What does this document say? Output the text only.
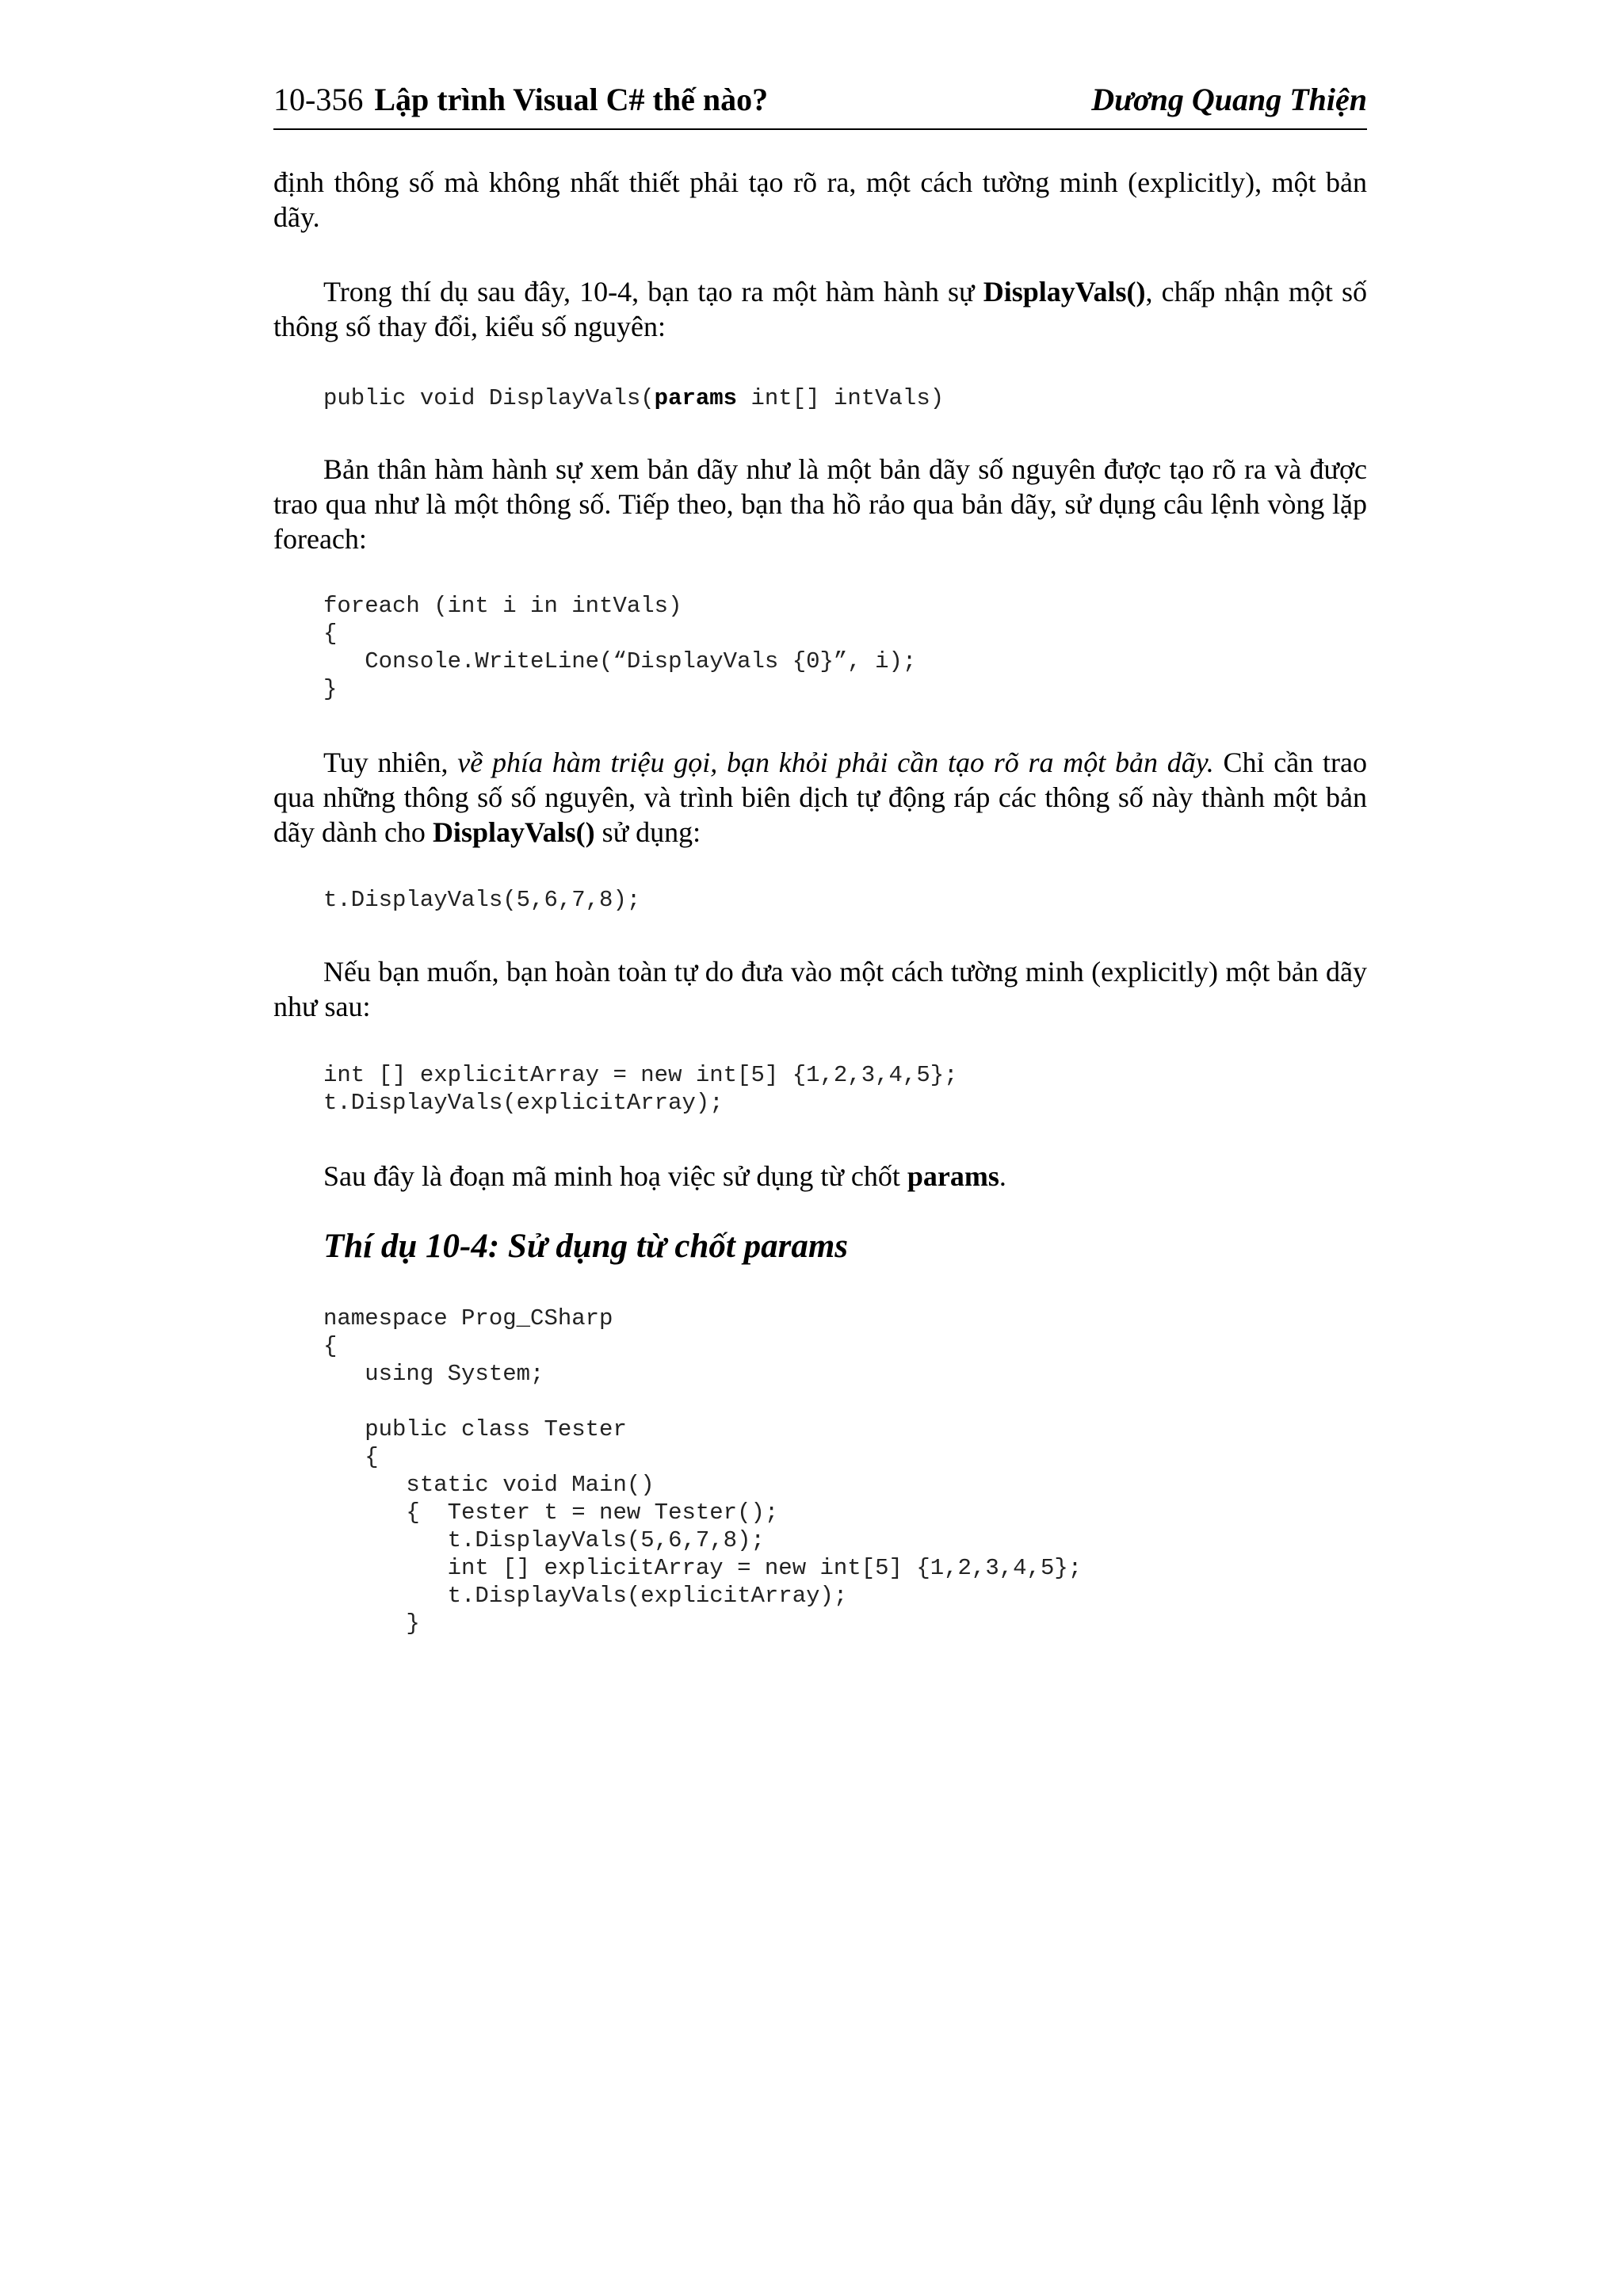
10-356 Lập trình Visual C# thế nào?	Dương Quang Thiện

định thông số mà không nhất thiết phải tạo rõ ra, một cách tường minh (explicitly), một bản dãy.

Trong thí dụ sau đây, 10-4, bạn tạo ra một hàm hành sự DisplayVals(), chấp nhận một số thông số thay đổi, kiểu số nguyên:

public void DisplayVals(params int[] intVals)

Bản thân hàm hành sự xem bản dãy như là một bản dãy số nguyên được tạo rõ ra và được trao qua như là một thông số. Tiếp theo, bạn tha hồ rảo qua bản dãy, sử dụng câu lệnh vòng lặp foreach:

foreach (int i in intVals)
{
Console.WriteLine(“DisplayVals {0}”, i);
}

Tuy nhiên, về phía hàm triệu gọi, bạn khỏi phải cần tạo rõ ra một bản dãy. Chỉ cần trao qua những thông số số nguyên, và trình biên dịch tự động ráp các thông số này thành một bản dãy dành cho DisplayVals() sử dụng:

t.DisplayVals(5,6,7,8);

Nếu bạn muốn, bạn hoàn toàn tự do đưa vào một cách tường minh (explicitly) một bản dãy như sau:

int [] explicitArray = new int[5] {1,2,3,4,5};
t.DisplayVals(explicitArray);

Sau đây là đoạn mã minh hoạ việc sử dụng từ chốt params.

Thí dụ 10-4: Sử dụng từ chốt params
namespace Prog_CSharp
{
using System;

public class Tester
{
static void Main()
{  Tester t = new Tester();
t.DisplayVals(5,6,7,8);
int [] explicitArray = new int[5] {1,2,3,4,5};
t.DisplayVals(explicitArray);
}
